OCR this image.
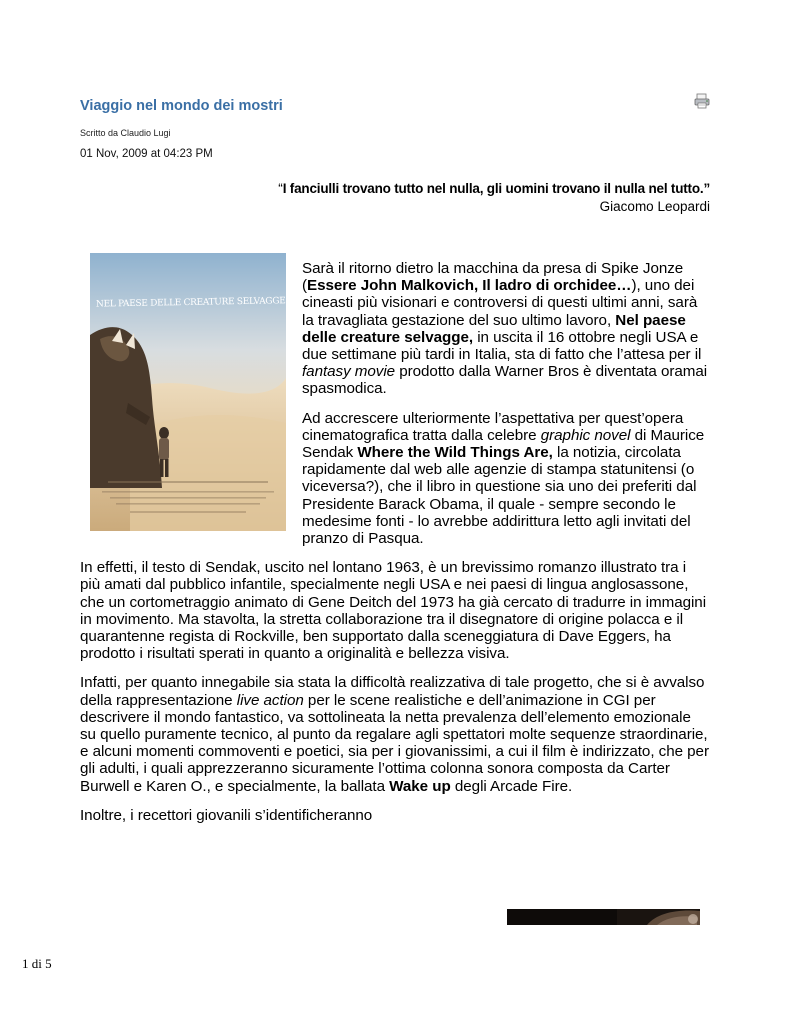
Viaggio nel mondo dei mostri
Scritto da Claudio Lugi
01 Nov, 2009 at 04:23 PM
“I fanciulli trovano tutto nel nulla, gli uomini trovano il nulla nel tutto.”
Giacomo Leopardi
NEL PAESE DELLE CREATURE SELVAGGE

Sarà il ritorno dietro la macchina da presa di Spike Jonze (Essere John Malkovich, Il ladro di orchidee…), uno dei cineasti più visionari e controversi di questi ultimi anni, sarà la travagliata gestazione del suo ultimo lavoro, Nel paese delle creature selvagge, in uscita il 16 ottobre negli USA e due settimane più tardi in Italia, sta di fatto che l’attesa per il fantasy movie prodotto dalla Warner Bros è diventata oramai spasmodica.

Ad accrescere ulteriormente l’aspettativa per quest’opera cinematografica tratta dalla celebre graphic novel di Maurice Sendak Where the Wild Things Are, la notizia, circolata rapidamente dal web alle agenzie di stampa statunitensi (o viceversa?), che il libro in questione sia uno dei preferiti dal Presidente Barack Obama, il quale - sempre secondo le medesime fonti - lo avrebbe addirittura letto agli invitati del pranzo di Pasqua.

In effetti, il testo di Sendak, uscito nel lontano 1963, è un brevissimo romanzo illustrato tra i più amati dal pubblico infantile, specialmente negli USA e nei paesi di lingua anglosassone, che un cortometraggio animato di Gene Deitch del 1973 ha già cercato di tradurre in immagini in movimento. Ma stavolta, la stretta collaborazione tra il disegnatore di origine polacca e il quarantenne regista di Rockville, ben supportato dalla sceneggiatura di Dave Eggers, ha prodotto i risultati sperati in quanto a originalità e bellezza visiva.

Infatti, per quanto innegabile sia stata la difficoltà realizzativa di tale progetto, che si è avvalso della rappresentazione live action per le scene realistiche e dell’animazione in CGI per descrivere il mondo fantastico, va sottolineata la netta prevalenza dell’elemento emozionale su quello puramente tecnico, al punto da regalare agli spettatori molte sequenze straordinarie, e alcuni momenti commoventi e poetici, sia per i giovanissimi, a cui il film è indirizzato, che per gli adulti, i quali apprezzeranno sicuramente l’ottima colonna sonora composta da Carter Burwell e Karen O., e specialmente, la ballata Wake up degli Arcade Fire.

Inoltre, i recettori giovanili s’identificheranno

1 di 5
